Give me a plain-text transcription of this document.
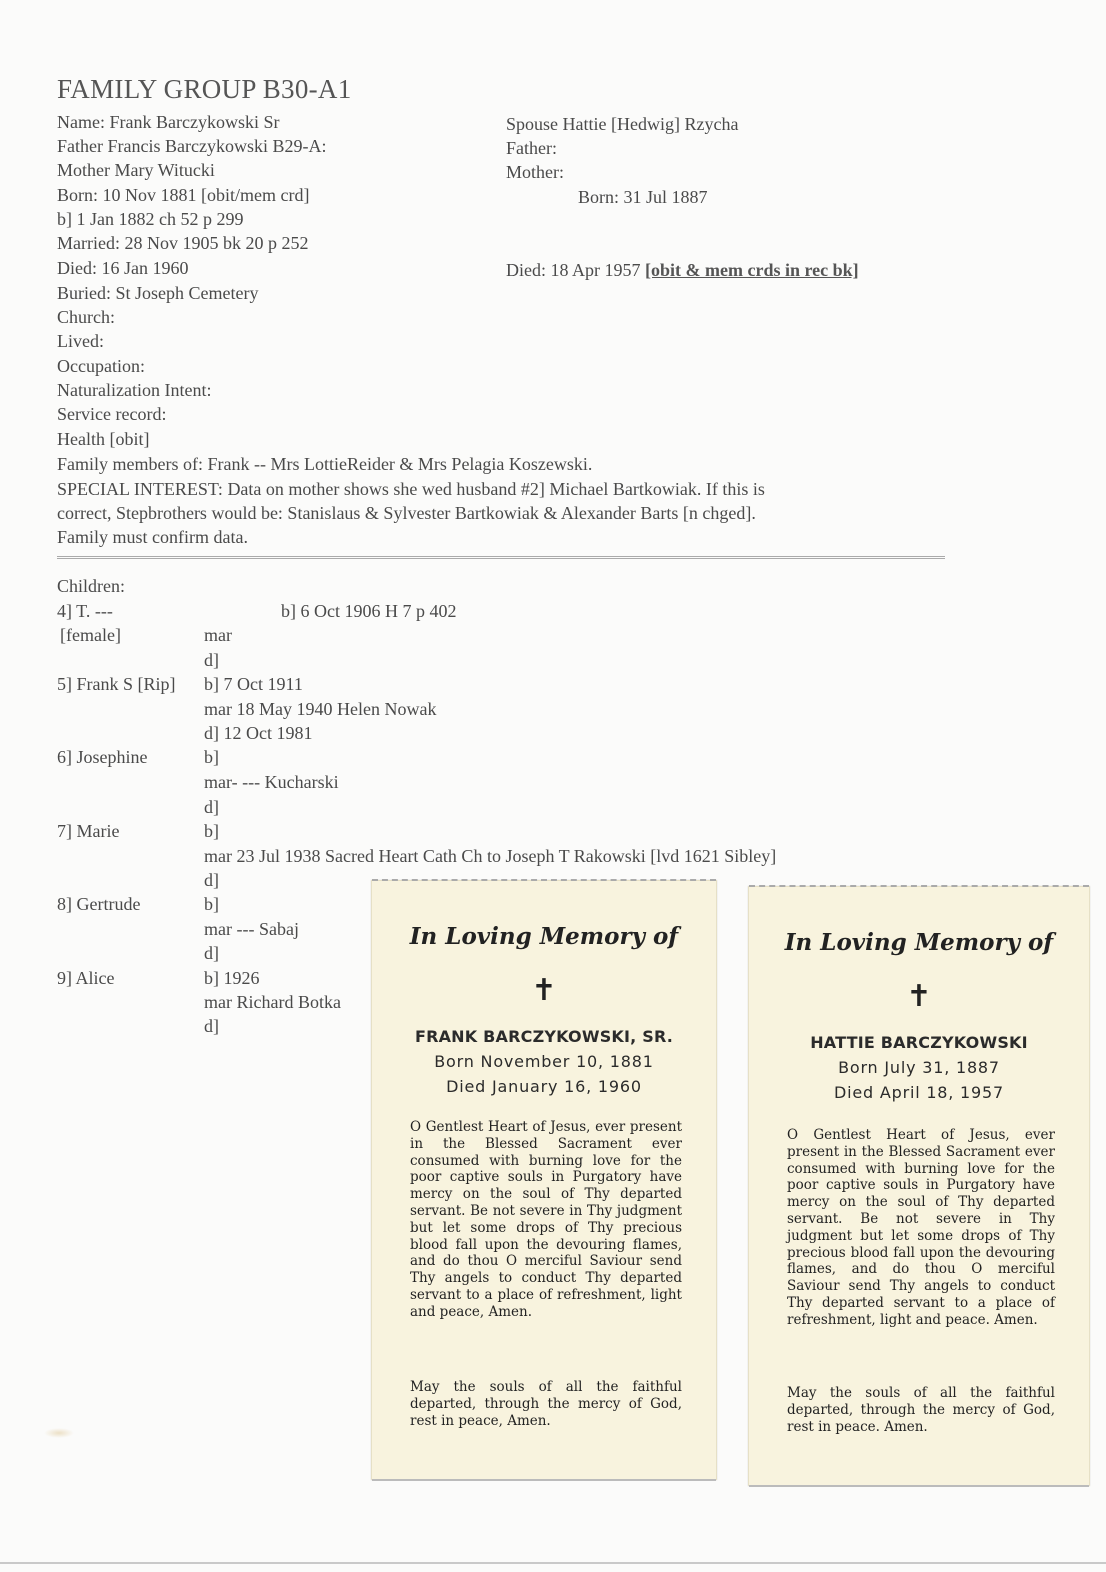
FAMILY GROUP B30-A1
Name: Frank Barczykowski Sr
Father Francis Barczykowski B29-A:
Mother Mary Witucki
Born: 10 Nov 1881 [obit/mem crd]
b] 1 Jan 1882 ch 52 p 299
Married: 28 Nov 1905 bk 20 p 252
Died: 16 Jan 1960
Buried: St Joseph Cemetery
Church:
Lived:
Occupation:
Naturalization Intent:
Service record:
Health [obit]
Family members of: Frank -- Mrs LottieReider & Mrs Pelagia Koszewski.
SPECIAL INTEREST: Data on mother shows she wed husband #2] Michael Bartkowiak. If this is
correct, Stepbrothers would be: Stanislaus & Sylvester Bartkowiak & Alexander Barts [n chged].
Family must confirm data.
Spouse Hattie [Hedwig] Rzycha
Father:
Mother:
Born: 31 Jul 1887
Died: 18 Apr 1957 [obit & mem crds in rec bk]
Children:
4] T. ---	b] 6 Oct 1906 H 7 p 402
[female]	mar
d]
5] Frank S [Rip] b] 7 Oct 1911
mar 18 May 1940 Helen Nowak
d] 12 Oct 1981
6] Josephine	b]
mar- --- Kucharski
d]
7] Marie	b]
mar 23 Jul 1938 Sacred Heart Cath Ch to Joseph T Rakowski [lvd 1621 Sibley]
d]
8] Gertrude	b]
mar --- Sabaj
d]
9] Alice	b] 1926
mar Richard Botka
d]
In Loving Memory of
✝
FRANK BARCZYKOWSKI, SR.
Born November 10, 1881
Died January 16, 1960
O Gentlest Heart of Jesus, ever present in the Blessed Sacrament ever consumed with burning love for the poor captive souls in Purgatory have mercy on the soul of Thy departed servant. Be not severe in Thy judgment but let some drops of Thy precious blood fall upon the devouring flames, and do thou O merciful Saviour send Thy angels to conduct Thy departed servant to a place of refreshment, light and peace, Amen.
May the souls of all the faithful departed, through the mercy of God, rest in peace, Amen.
In Loving Memory of
✝
HATTIE BARCZYKOWSKI
Born July 31, 1887
Died April 18, 1957
O Gentlest Heart of Jesus, ever present in the Blessed Sacrament ever consumed with burning love for the poor captive souls in Purgatory have mercy on the soul of Thy departed servant. Be not severe in Thy judgment but let some drops of Thy precious blood fall upon the devouring flames, and do thou O merciful Saviour send Thy angels to conduct Thy departed servant to a place of refreshment, light and peace. Amen.
May the souls of all the faithful departed, through the mercy of God, rest in peace. Amen.
